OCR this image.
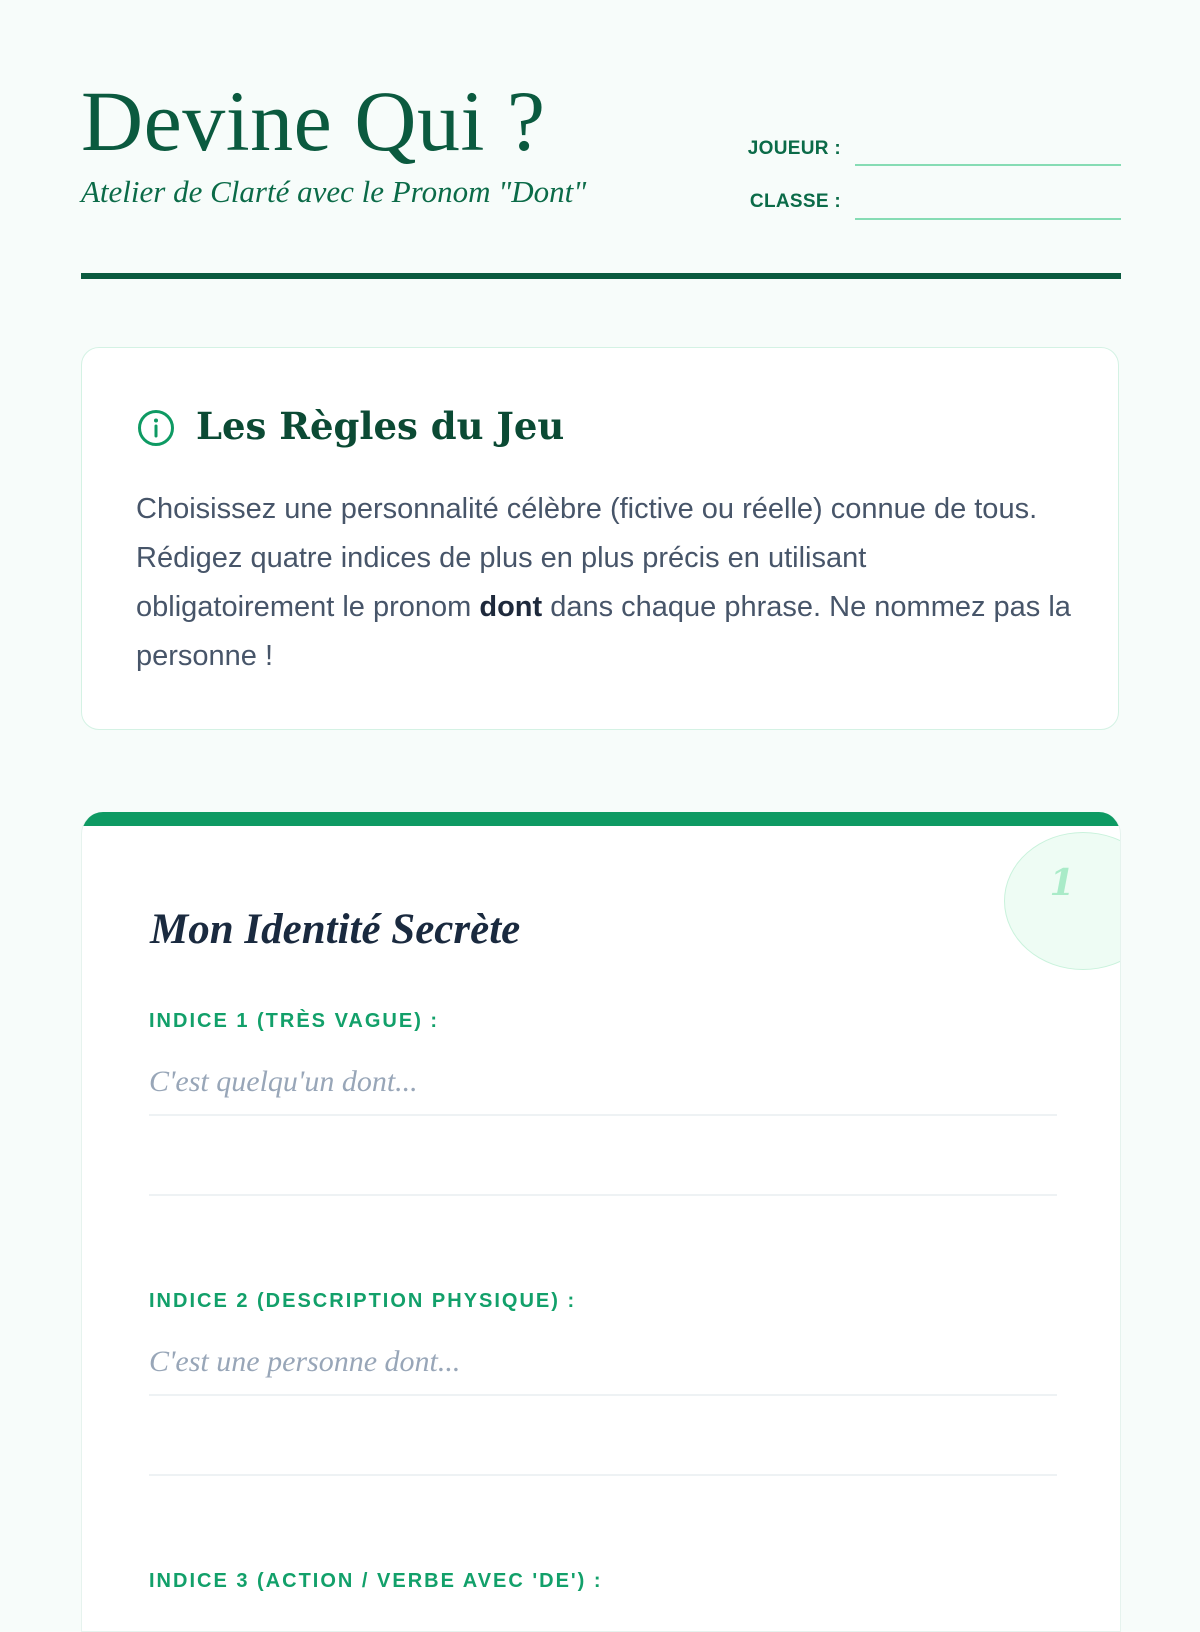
Devine Qui ?

Atelier de Clarté avec le Pronom "Dont"

JOUEUR :
CLASSE :
Les Règles du Jeu

Choisissez une personnalité célèbre (fictive ou réelle) connue de tous. Rédigez quatre indices de plus en plus précis en utilisant obligatoirement le pronom dont dans chaque phrase. Ne nommez pas la personne !

1
Mon Identité Secrète

INDICE 1 (TRÈS VAGUE) :

C'est quelqu'un dont...

INDICE 2 (DESCRIPTION PHYSIQUE) :

C'est une personne dont...

INDICE 3 (ACTION / VERBE AVEC 'DE') :
